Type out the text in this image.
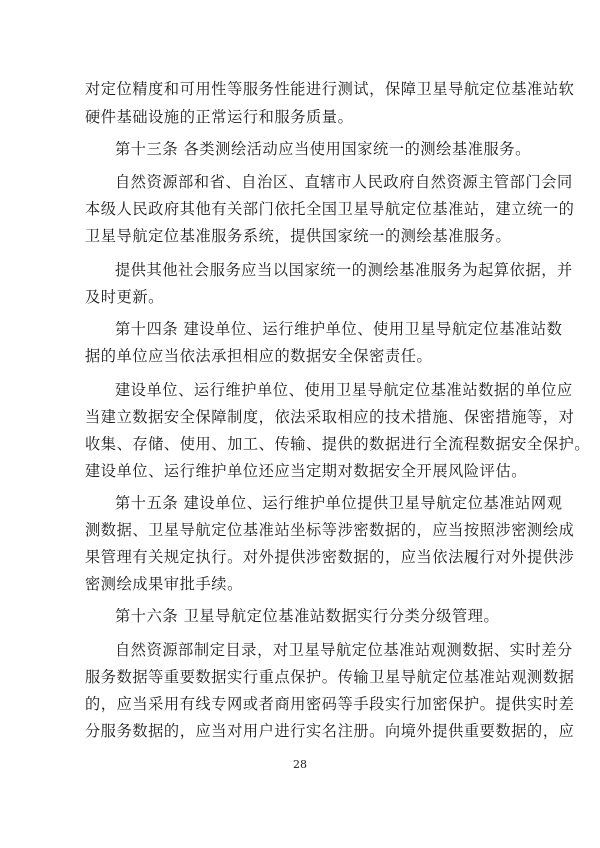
对定位精度和可用性等服务性能进行测试，保障卫星导航定位基准站软
硬件基础设施的正常运行和服务质量。
第十三条 各类测绘活动应当使用国家统一的测绘基准服务。
自然资源部和省、自治区、直辖市人民政府自然资源主管部门会同
本级人民政府其他有关部门依托全国卫星导航定位基准站，建立统一的
卫星导航定位基准服务系统，提供国家统一的测绘基准服务。
提供其他社会服务应当以国家统一的测绘基准服务为起算依据，并
及时更新。
第十四条 建设单位、运行维护单位、使用卫星导航定位基准站数
据的单位应当依法承担相应的数据安全保密责任。
建设单位、运行维护单位、使用卫星导航定位基准站数据的单位应
当建立数据安全保障制度，依法采取相应的技术措施、保密措施等，对
收集、存储、使用、加工、传输、提供的数据进行全流程数据安全保护。
建设单位、运行维护单位还应当定期对数据安全开展风险评估。
第十五条 建设单位、运行维护单位提供卫星导航定位基准站网观
测数据、卫星导航定位基准站坐标等涉密数据的，应当按照涉密测绘成
果管理有关规定执行。对外提供涉密数据的，应当依法履行对外提供涉
密测绘成果审批手续。
第十六条 卫星导航定位基准站数据实行分类分级管理。
自然资源部制定目录，对卫星导航定位基准站观测数据、实时差分
服务数据等重要数据实行重点保护。传输卫星导航定位基准站观测数据
的，应当采用有线专网或者商用密码等手段实行加密保护。提供实时差
分服务数据的，应当对用户进行实名注册。向境外提供重要数据的，应
28
